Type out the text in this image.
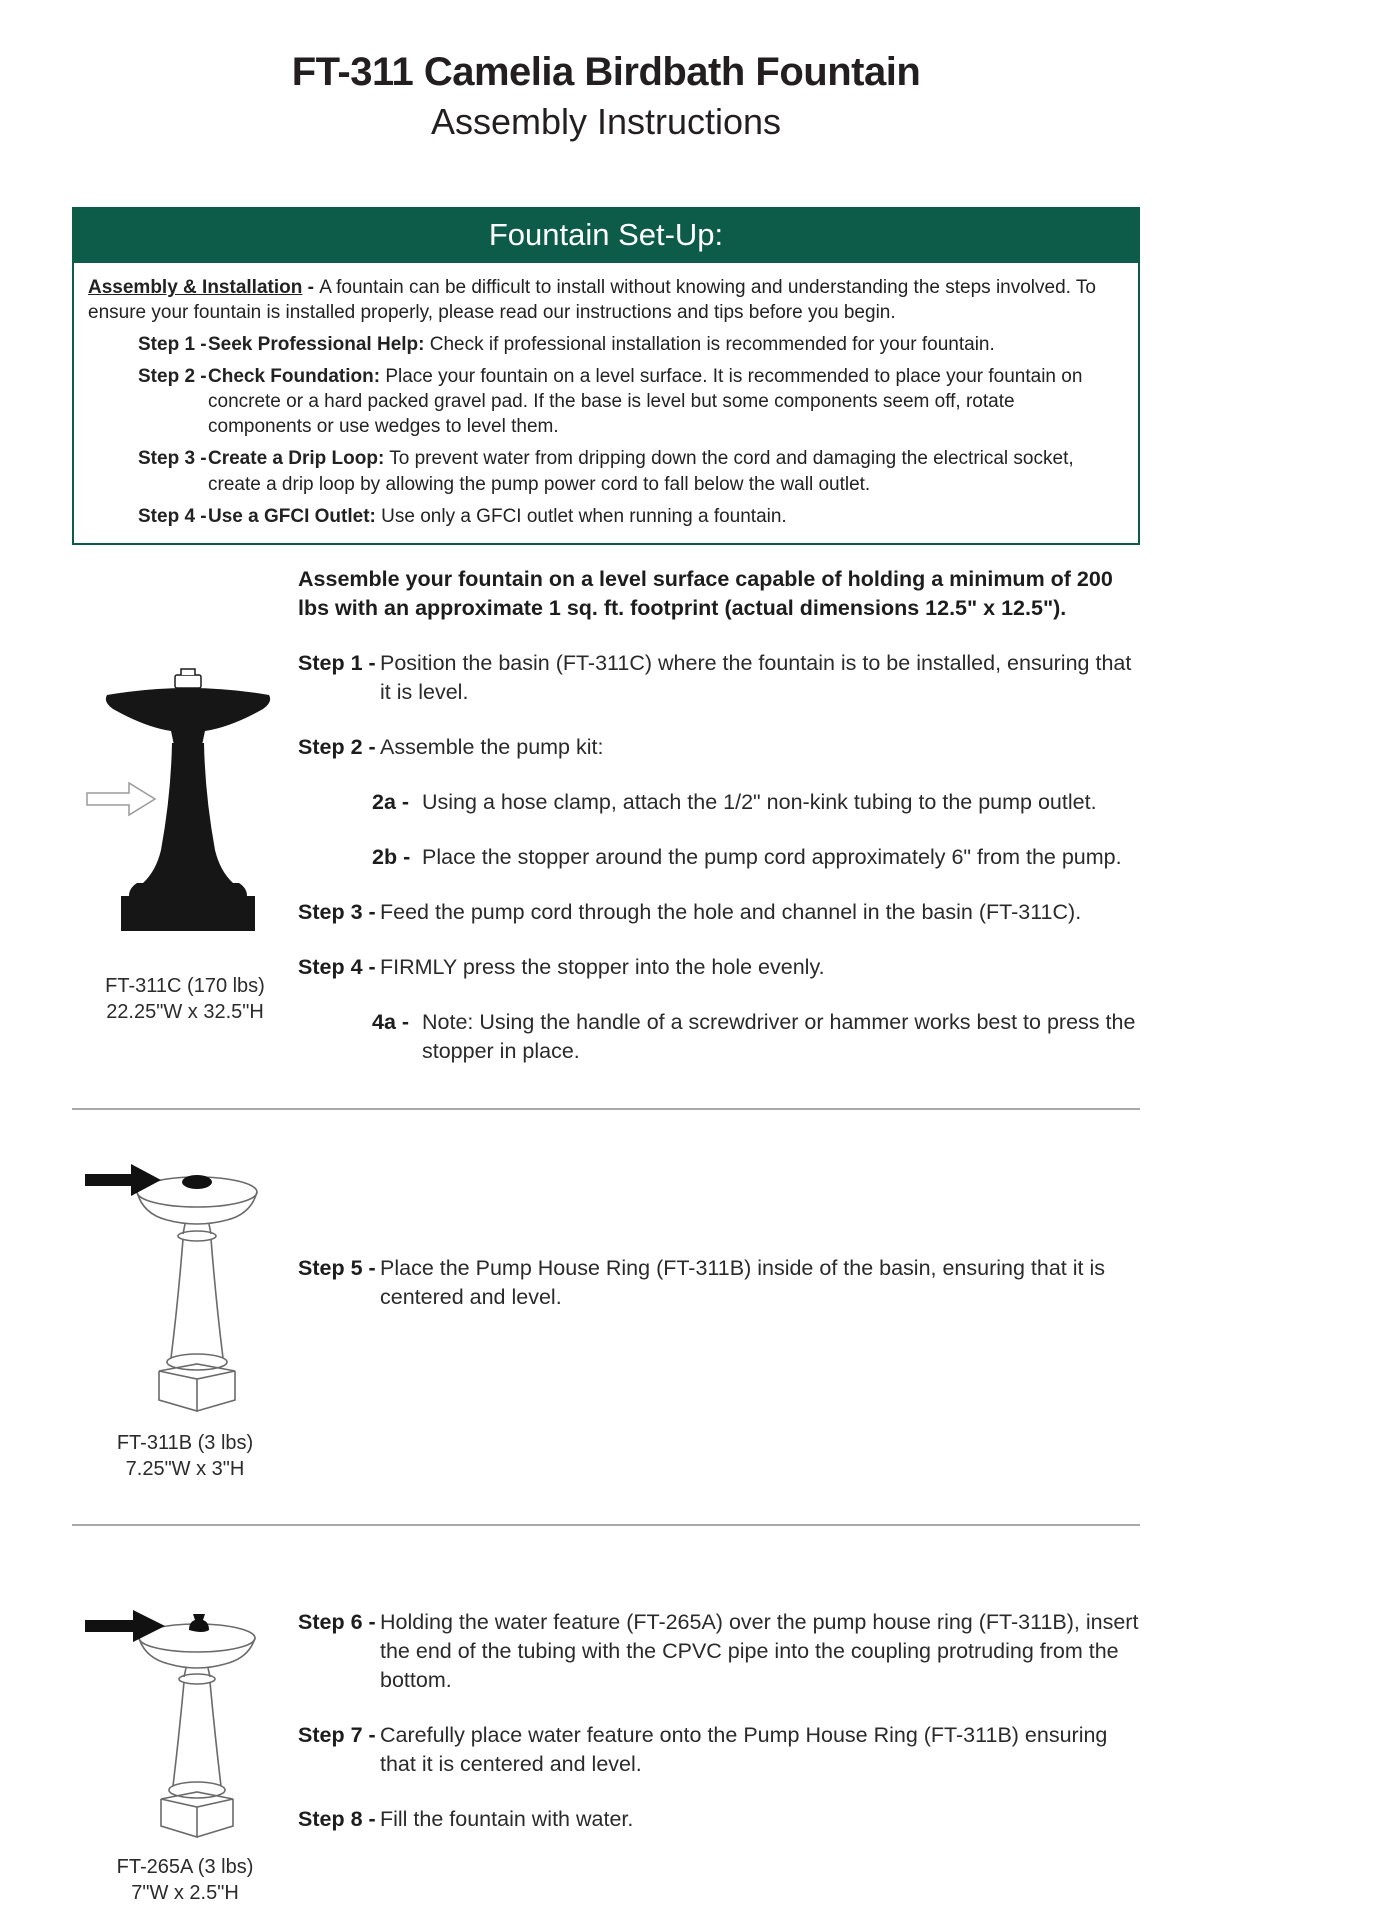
FT-311 Camelia Birdbath Fountain
Assembly Instructions
Fountain Set-Up:

Assembly & Installation - A fountain can be difficult to install without knowing and understanding the steps involved. To ensure your fountain is installed properly, please read our instructions and tips before you begin.

Step 1 - Seek Professional Help: Check if professional installation is recommended for your fountain.

Step 2 - Check Foundation: Place your fountain on a level surface. It is recommended to place your fountain on concrete or a hard packed gravel pad. If the base is level but some components seem off, rotate components or use wedges to level them.

Step 3 - Create a Drip Loop: To prevent water from dripping down the cord and damaging the electrical socket, create a drip loop by allowing the pump power cord to fall below the wall outlet.

Step 4 - Use a GFCI Outlet: Use only a GFCI outlet when running a fountain.

FT-311C (170 lbs)
22.25"W x 32.5"H

Assemble your fountain on a level surface capable of holding a minimum of 200 lbs with an approximate 1 sq. ft. footprint (actual dimensions 12.5" x 12.5").

Step 1 - Position the basin (FT-311C) where the fountain is to be installed, ensuring that it is level.

Step 2 - Assemble the pump kit:

2a - Using a hose clamp, attach the 1/2" non-kink tubing to the pump outlet.

2b - Place the stopper around the pump cord approximately 6" from the pump.

Step 3 - Feed the pump cord through the hole and channel in the basin (FT-311C).

Step 4 - FIRMLY press the stopper into the hole evenly.

4a - Note: Using the handle of a screwdriver or hammer works best to press the stopper in place.

FT-311B (3 lbs)
7.25"W x 3"H
Step 5 - Place the Pump House Ring (FT-311B) inside of the basin, ensuring that it is centered and level.

FT-265A (3 lbs)
7"W x 2.5"H
Step 6 - Holding the water feature (FT-265A) over the pump house ring (FT-311B), insert the end of the tubing with the CPVC pipe into the coupling protruding from the bottom.

Step 7 - Carefully place water feature onto the Pump House Ring (FT-311B) ensuring that it is centered and level.

Step 8 - Fill the fountain with water.
